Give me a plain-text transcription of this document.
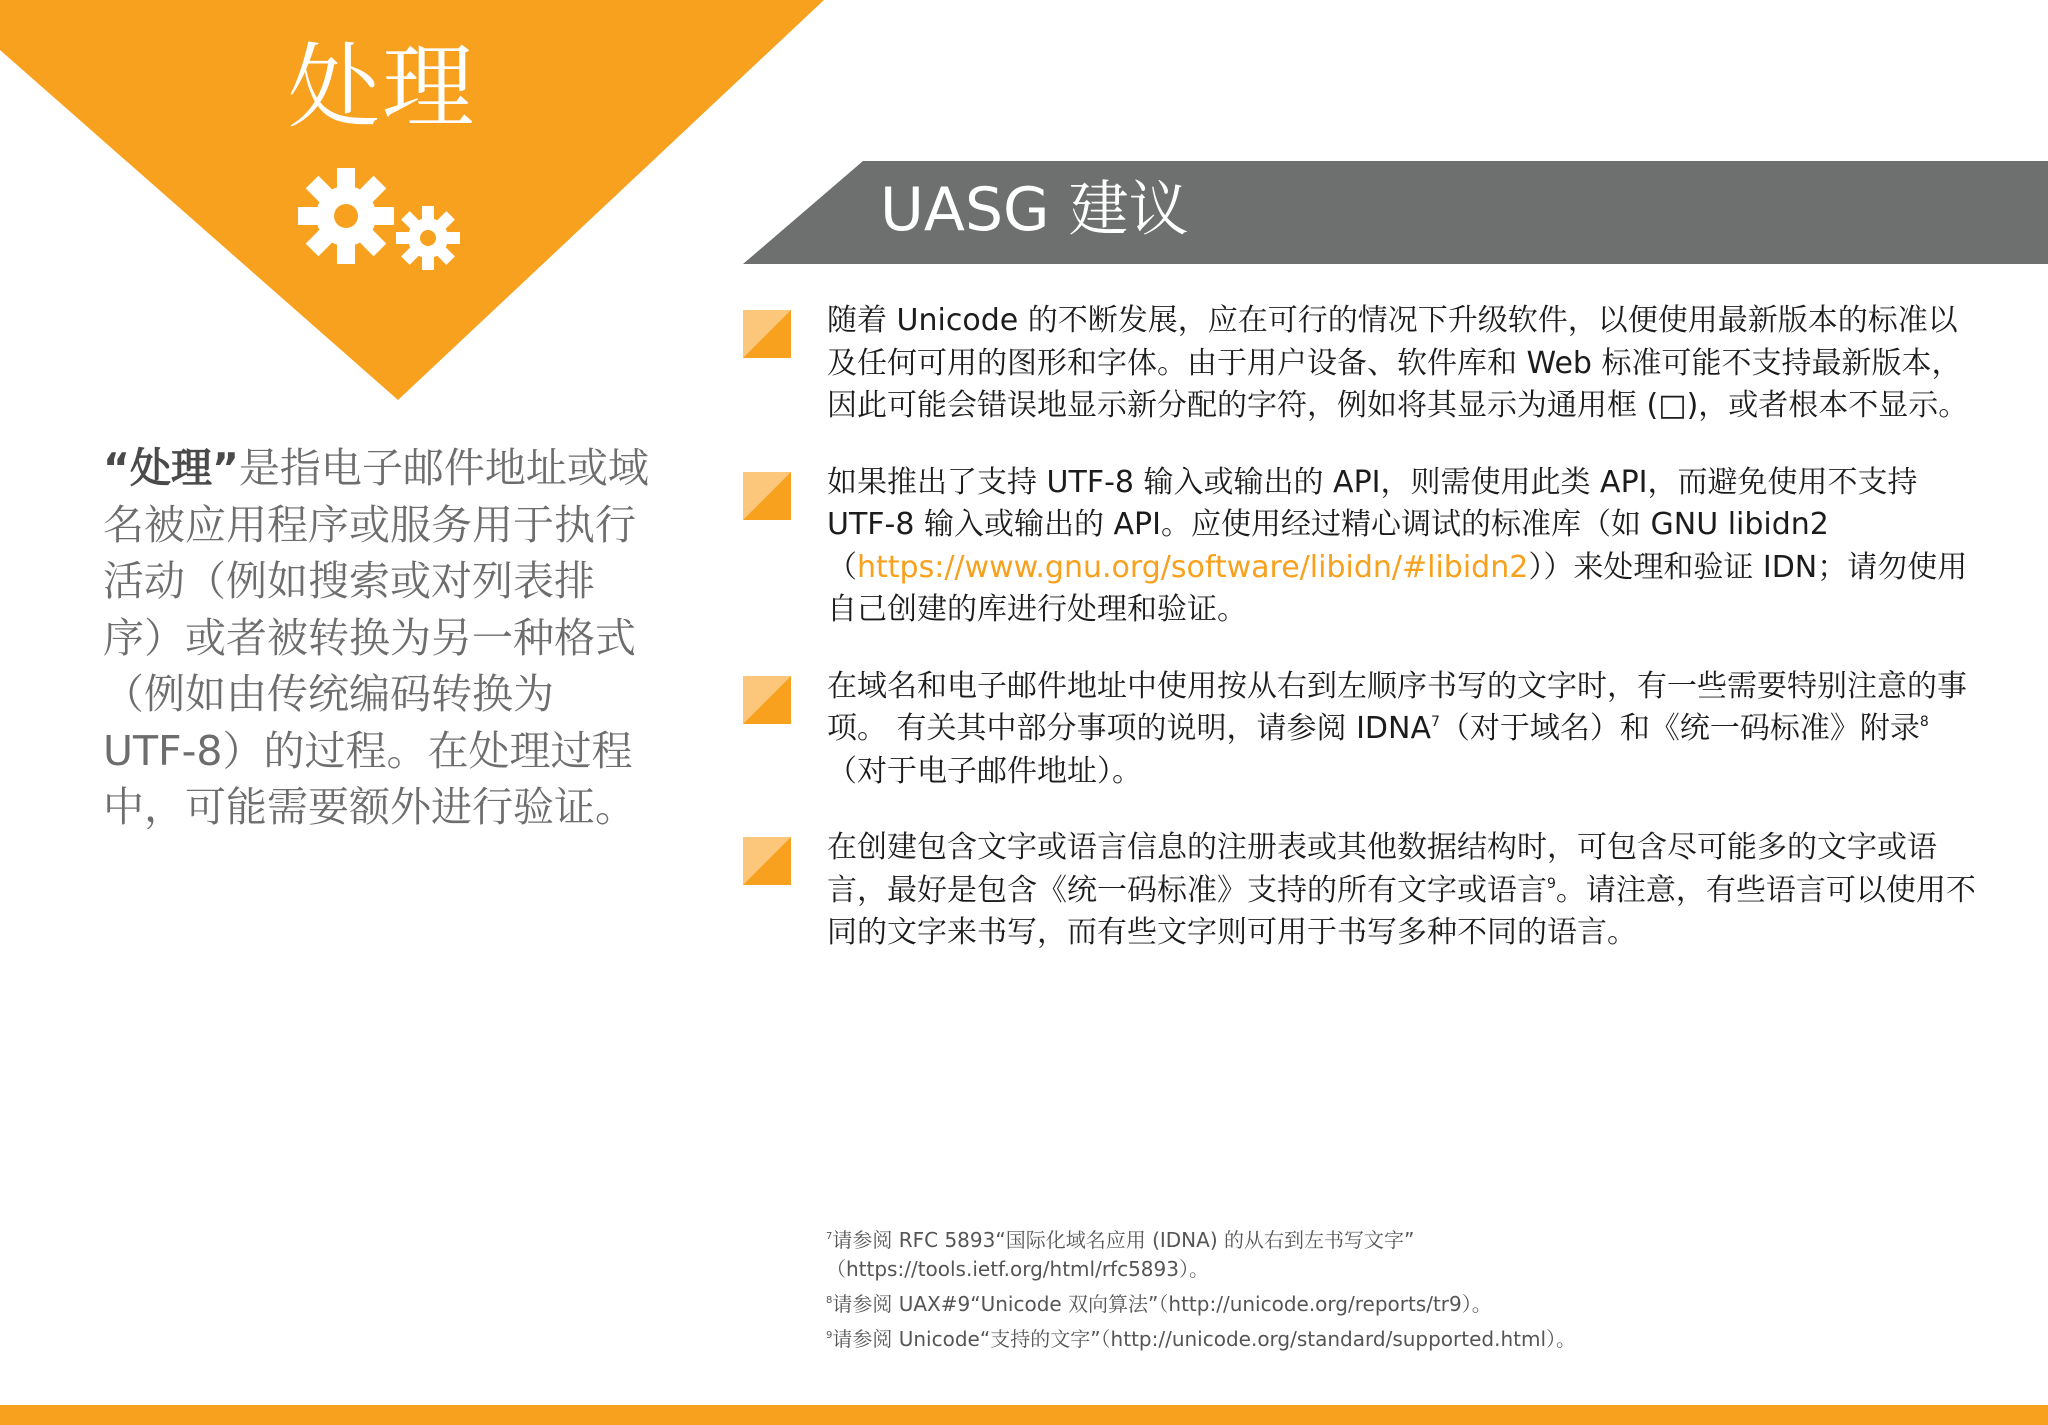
处理
“处理”是指电子邮件地址或域名被应用程序或服务用于执行活动（例如搜索或对列表排序）或者被转换为另一种格式（例如由传统编码转换为 UTF-8）的过程。在处理过程中，可能需要额外进行验证。
UASG 建议
随着 Unicode 的不断发展，应在可行的情况下升级软件，以便使用最新版本的标准以及任何可用的图形和字体。由于用户设备、软件库和 Web 标准可能不支持最新版本，因此可能会错误地显示新分配的字符，例如将其显示为通用框 (□)，或者根本不显示。
如果推出了支持 UTF-8 输入或输出的 API，则需使用此类 API，而避免使用不支持 UTF-8 输入或输出的 API。应使用经过精心调试的标准库（如 GNU libidn2（https://www.gnu.org/software/libidn/#libidn2））来处理和验证 IDN；请勿使用自己创建的库进行处理和验证。
在域名和电子邮件地址中使用按从右到左顺序书写的文字时，有一些需要特别注意的事项。 有关其中部分事项的说明，请参阅 IDNA$^7$（对于域名）和《统一码标准》附录$^8$（对于电子邮件地址）。
在创建包含文字或语言信息的注册表或其他数据结构时，可包含尽可能多的文字或语言，最好是包含《统一码标准》支持的所有文字或语言$^9$。请注意，有些语言可以使用不同的文字来书写，而有些文字则可用于书写多种不同的语言。
$^7$请参阅 RFC 5893“国际化域名应用 (IDNA) 的从右到左书写文字”
（https://tools.ietf.org/html/rfc5893）。
$^8$请参阅 UAX#9“Unicode 双向算法”（http://unicode.org/reports/tr9）。
$^9$请参阅 Unicode“支持的文字”（http://unicode.org/standard/supported.html）。
